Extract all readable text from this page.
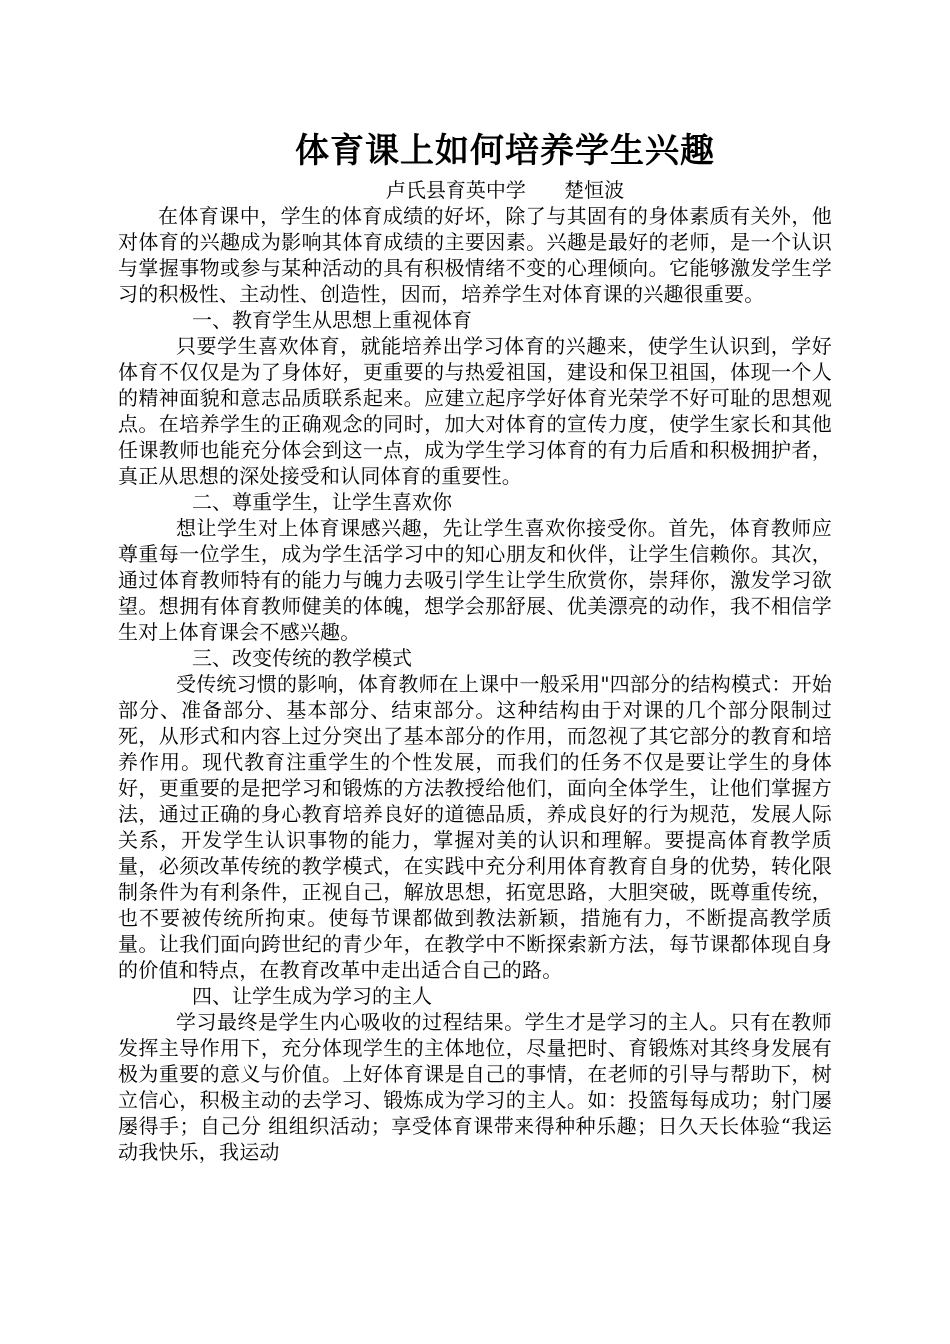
体育课上如何培养学生兴趣

卢氏县育英中学      楚恒波

在体育课中，学生的体育成绩的好坏，除了与其固有的身体素质有关外，他对体育的兴趣成为影响其体育成绩的主要因素。兴趣是最好的老师，是一个认识与掌握事物或参与某种活动的具有积极情绪不变的心理倾向。它能够激发学生学习的积极性、主动性、创造性，因而，培养学生对体育课的兴趣很重要。

一、教育学生从思想上重视体育

只要学生喜欢体育，就能培养出学习体育的兴趣来，使学生认识到，学好体育不仅仅是为了身体好，更重要的与热爱祖国，建设和保卫祖国，体现一个人的精神面貌和意志品质联系起来。应建立起序学好体育光荣学不好可耻的思想观点。在培养学生的正确观念的同时，加大对体育的宣传力度，使学生家长和其他任课教师也能充分体会到这一点，成为学生学习体育的有力后盾和积极拥护者，真正从思想的深处接受和认同体育的重要性。

二、尊重学生，让学生喜欢你

想让学生对上体育课感兴趣，先让学生喜欢你接受你。首先，体育教师应尊重每一位学生，成为学生活学习中的知心朋友和伙伴，让学生信赖你。其次，通过体育教师特有的能力与魄力去吸引学生让学生欣赏你，崇拜你，激发学习欲望。想拥有体育教师健美的体魄，想学会那舒展、优美漂亮的动作，我不相信学生对上体育课会不感兴趣。

三、改变传统的教学模式

受传统习惯的影响，体育教师在上课中一般采用"四部分的结构模式：开始部分、准备部分、基本部分、结束部分。这种结构由于对课的几个部分限制过死，从形式和内容上过分突出了基本部分的作用，而忽视了其它部分的教育和培养作用。现代教育注重学生的个性发展，而我们的任务不仅是要让学生的身体好，更重要的是把学习和锻炼的方法教授给他们，面向全体学生，让他们掌握方法，通过正确的身心教育培养良好的道德品质，养成良好的行为规范，发展人际关系，开发学生认识事物的能力，掌握对美的认识和理解。要提高体育教学质量，必须改革传统的教学模式，在实践中充分利用体育教育自身的优势，转化限制条件为有利条件，正视自己，解放思想，拓宽思路，大胆突破，既尊重传统，也不要被传统所拘束。使每节课都做到教法新颖，措施有力，不断提高教学质量。让我们面向跨世纪的青少年，在教学中不断探索新方法，每节课都体现自身的价值和特点，在教育改革中走出适合自己的路。

四、让学生成为学习的主人

学习最终是学生内心吸收的过程结果。学生才是学习的主人。只有在教师发挥主导作用下，充分体现学生的主体地位，尽量把时、育锻炼对其终身发展有极为重要的意义与价值。上好体育课是自己的事情，在老师的引导与帮助下，树立信心，积极主动的去学习、锻炼成为学习的主人。如：投篮每每成功；射门屡屡得手；自己分 组组织活动；享受体育课带来得种种乐趣；日久天长体验“我运动我快乐，我运动
